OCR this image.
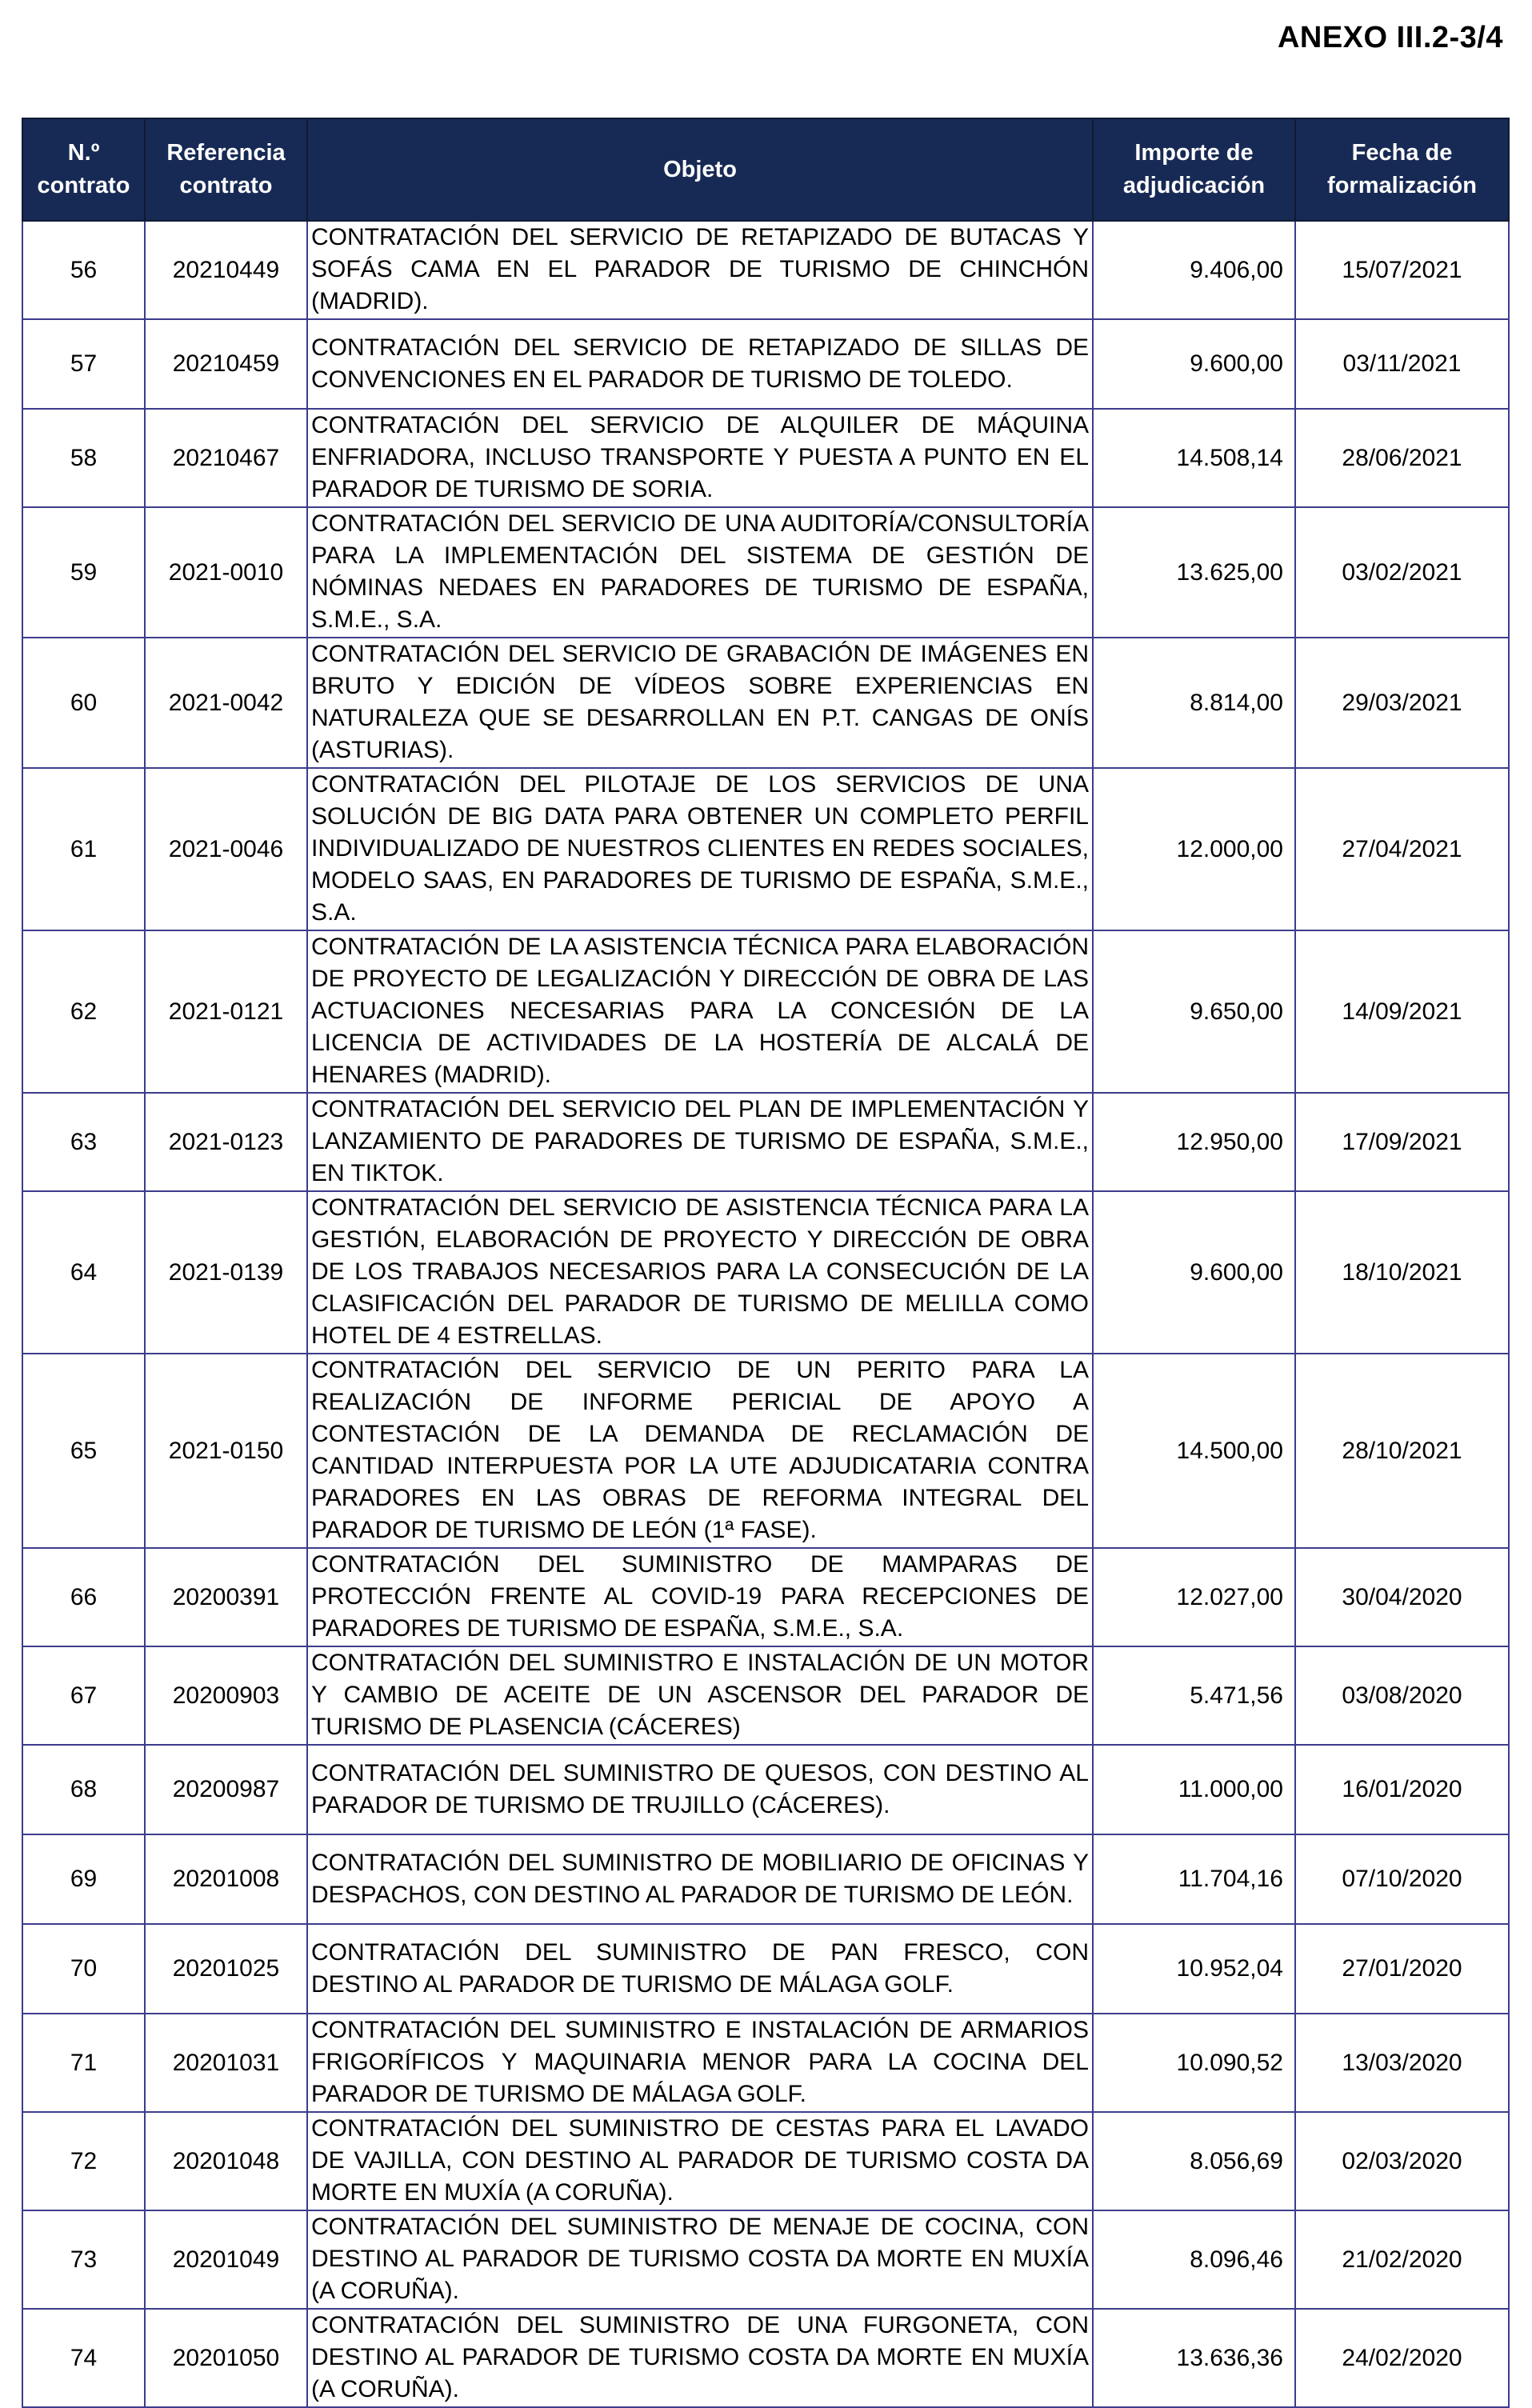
ANEXO III.2-3/4
N.º contrato	Referencia contrato	Objeto	Importe de adjudicación	Fecha de formalización
56	20210449	CONTRATACIÓN DEL SERVICIO DE RETAPIZADO DE BUTACAS Y SOFÁS CAMA EN EL PARADOR DE TURISMO DE CHINCHÓN (MADRID).	9.406,00	15/07/2021
57	20210459	CONTRATACIÓN DEL SERVICIO DE RETAPIZADO DE SILLAS DE CONVENCIONES EN EL PARADOR DE TURISMO DE TOLEDO.	9.600,00	03/11/2021
58	20210467	CONTRATACIÓN DEL SERVICIO DE ALQUILER DE MÁQUINA ENFRIADORA, INCLUSO TRANSPORTE Y PUESTA A PUNTO EN EL PARADOR DE TURISMO DE SORIA.	14.508,14	28/06/2021
59	2021-0010	CONTRATACIÓN DEL SERVICIO DE UNA AUDITORÍA/CONSULTORÍA PARA LA IMPLEMENTACIÓN DEL SISTEMA DE GESTIÓN DE NÓMINAS NEDAES EN PARADORES DE TURISMO DE ESPAÑA, S.M.E., S.A.	13.625,00	03/02/2021
60	2021-0042	CONTRATACIÓN DEL SERVICIO DE GRABACIÓN DE IMÁGENES EN BRUTO Y EDICIÓN DE VÍDEOS SOBRE EXPERIENCIAS EN NATURALEZA QUE SE DESARROLLAN EN P.T. CANGAS DE ONÍS (ASTURIAS).	8.814,00	29/03/2021
61	2021-0046	CONTRATACIÓN DEL PILOTAJE DE LOS SERVICIOS DE UNA SOLUCIÓN DE BIG DATA PARA OBTENER UN COMPLETO PERFIL INDIVIDUALIZADO DE NUESTROS CLIENTES EN REDES SOCIALES, MODELO SAAS, EN PARADORES DE TURISMO DE ESPAÑA, S.M.E., S.A.	12.000,00	27/04/2021
62	2021-0121	CONTRATACIÓN DE LA ASISTENCIA TÉCNICA PARA ELABORACIÓN DE PROYECTO DE LEGALIZACIÓN Y DIRECCIÓN DE OBRA DE LAS ACTUACIONES NECESARIAS PARA LA CONCESIÓN DE LA LICENCIA DE ACTIVIDADES DE LA HOSTERÍA DE ALCALÁ DE HENARES (MADRID).	9.650,00	14/09/2021
63	2021-0123	CONTRATACIÓN DEL SERVICIO DEL PLAN DE IMPLEMENTACIÓN Y LANZAMIENTO DE PARADORES DE TURISMO DE ESPAÑA, S.M.E., EN TIKTOK.	12.950,00	17/09/2021
64	2021-0139	CONTRATACIÓN DEL SERVICIO DE ASISTENCIA TÉCNICA PARA LA GESTIÓN, ELABORACIÓN DE PROYECTO Y DIRECCIÓN DE OBRA DE LOS TRABAJOS NECESARIOS PARA LA CONSECUCIÓN DE LA CLASIFICACIÓN DEL PARADOR DE TURISMO DE MELILLA COMO HOTEL DE 4 ESTRELLAS.	9.600,00	18/10/2021
65	2021-0150	CONTRATACIÓN DEL SERVICIO DE UN PERITO PARA LA REALIZACIÓN DE INFORME PERICIAL DE APOYO A CONTESTACIÓN DE LA DEMANDA DE RECLAMACIÓN DE CANTIDAD INTERPUESTA POR LA UTE ADJUDICATARIA CONTRA PARADORES EN LAS OBRAS DE REFORMA INTEGRAL DEL PARADOR DE TURISMO DE LEÓN (1ª FASE).	14.500,00	28/10/2021
66	20200391	CONTRATACIÓN DEL SUMINISTRO DE MAMPARAS DE PROTECCIÓN FRENTE AL COVID-19 PARA RECEPCIONES DE PARADORES DE TURISMO DE ESPAÑA, S.M.E., S.A.	12.027,00	30/04/2020
67	20200903	CONTRATACIÓN DEL SUMINISTRO E INSTALACIÓN DE UN MOTOR Y CAMBIO DE ACEITE DE UN ASCENSOR DEL PARADOR DE TURISMO DE PLASENCIA (CÁCERES)	5.471,56	03/08/2020
68	20200987	CONTRATACIÓN DEL SUMINISTRO DE QUESOS, CON DESTINO AL PARADOR DE TURISMO DE TRUJILLO (CÁCERES).	11.000,00	16/01/2020
69	20201008	CONTRATACIÓN DEL SUMINISTRO DE MOBILIARIO DE OFICINAS Y DESPACHOS, CON DESTINO AL PARADOR DE TURISMO DE LEÓN.	11.704,16	07/10/2020
70	20201025	CONTRATACIÓN DEL SUMINISTRO DE PAN FRESCO, CON DESTINO AL PARADOR DE TURISMO DE MÁLAGA GOLF.	10.952,04	27/01/2020
71	20201031	CONTRATACIÓN DEL SUMINISTRO E INSTALACIÓN DE ARMARIOS FRIGORÍFICOS Y MAQUINARIA MENOR PARA LA COCINA DEL PARADOR DE TURISMO DE MÁLAGA GOLF.	10.090,52	13/03/2020
72	20201048	CONTRATACIÓN DEL SUMINISTRO DE CESTAS PARA EL LAVADO DE VAJILLA, CON DESTINO AL PARADOR DE TURISMO COSTA DA MORTE EN MUXÍA (A CORUÑA).	8.056,69	02/03/2020
73	20201049	CONTRATACIÓN DEL SUMINISTRO DE MENAJE DE COCINA, CON DESTINO AL PARADOR DE TURISMO COSTA DA MORTE EN MUXÍA (A CORUÑA).	8.096,46	21/02/2020
74	20201050	CONTRATACIÓN DEL SUMINISTRO DE UNA FURGONETA, CON DESTINO AL PARADOR DE TURISMO COSTA DA MORTE EN MUXÍA (A CORUÑA).	13.636,36	24/02/2020
